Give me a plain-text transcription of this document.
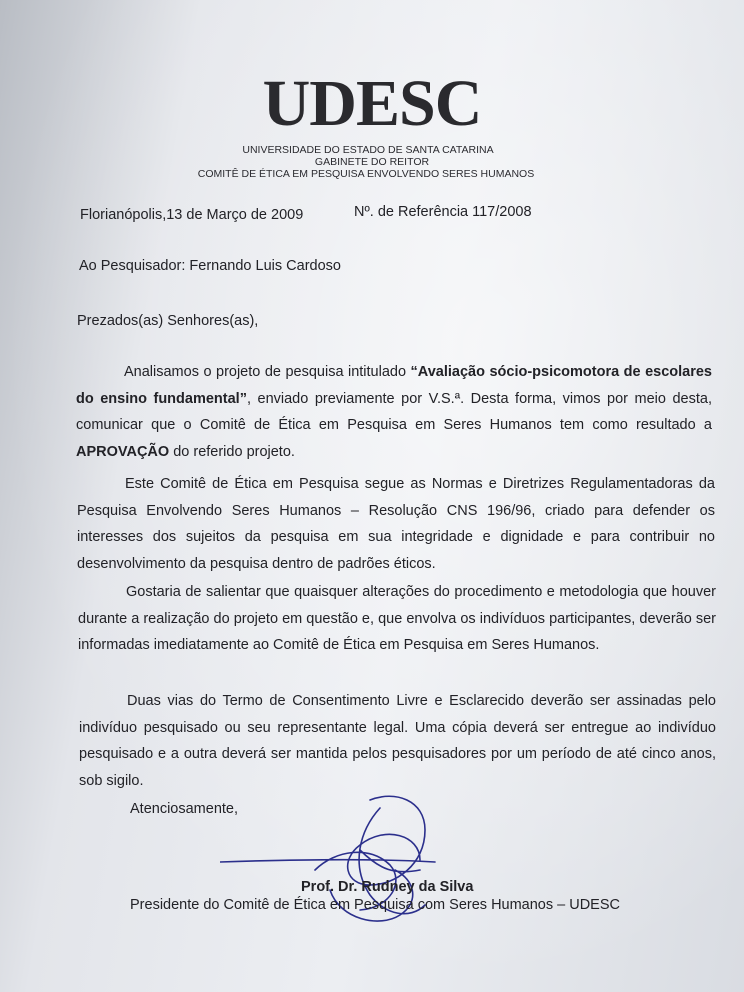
UDESC
UNIVERSIDADE DO ESTADO DE SANTA CATARINA
GABINETE DO REITOR
COMITÊ DE ÉTICA EM PESQUISA ENVOLVENDO SERES HUMANOS
Florianópolis,13 de Março de 2009	Nº. de Referência 117/2008
Ao Pesquisador: Fernando Luis Cardoso
Prezados(as) Senhores(as),
Analisamos o projeto de pesquisa intitulado “Avaliação sócio-psicomotora de escolares do ensino fundamental”, enviado previamente por V.S.ª. Desta forma, vimos por meio desta, comunicar que o Comitê de Ética em Pesquisa em Seres Humanos tem como resultado a APROVAÇÃO do referido projeto.
Este Comitê de Ética em Pesquisa segue as Normas e Diretrizes Regulamentadoras da Pesquisa Envolvendo Seres Humanos – Resolução CNS 196/96, criado para defender os interesses dos sujeitos da pesquisa em sua integridade e dignidade e para contribuir no desenvolvimento da pesquisa dentro de padrões éticos.
Gostaria de salientar que quaisquer alterações do procedimento e metodologia que houver durante a realização do projeto em questão e, que envolva os indivíduos participantes, deverão ser informadas imediatamente ao Comitê de Ética em Pesquisa em Seres Humanos.
Duas vias do Termo de Consentimento Livre e Esclarecido deverão ser assinadas pelo indivíduo pesquisado ou seu representante legal. Uma cópia deverá ser entregue ao indivíduo pesquisado e a outra deverá ser mantida pelos pesquisadores por um período de até cinco anos, sob sigilo.
Atenciosamente,
Prof. Dr. Rudney da Silva
Presidente do Comitê de Ética em Pesquisa com Seres Humanos – UDESC
